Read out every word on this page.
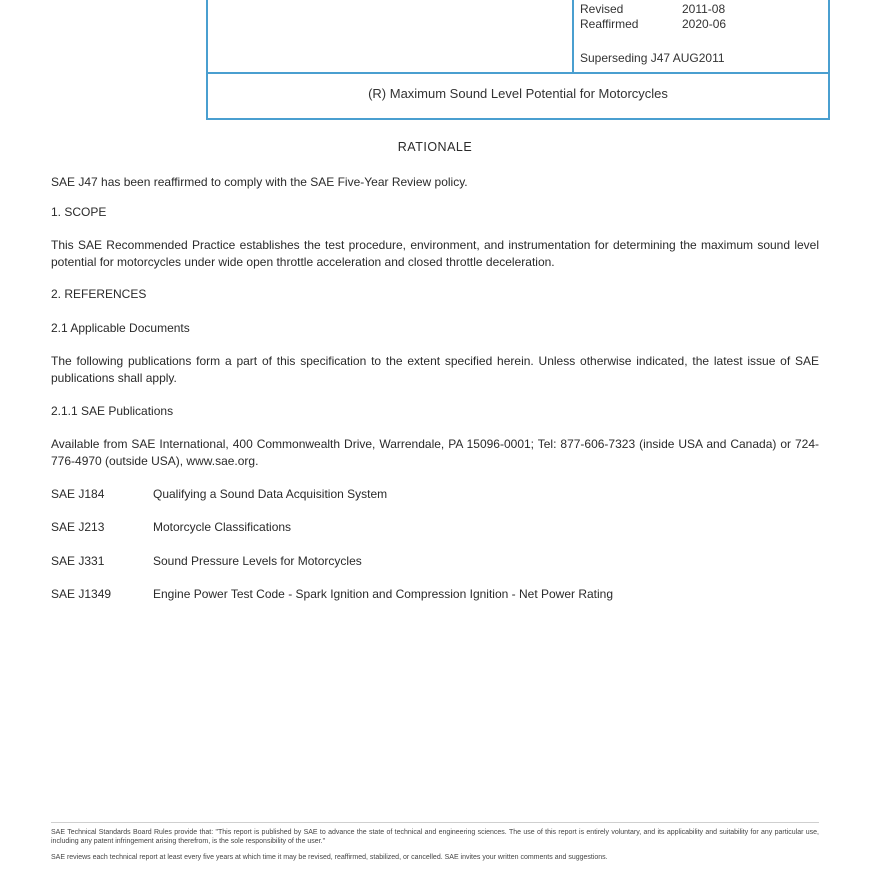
Revised	2011-08
Reaffirmed	2020-06
Superseding J47 AUG2011
(R) Maximum Sound Level Potential for Motorcycles
RATIONALE
SAE J47 has been reaffirmed to comply with the SAE Five-Year Review policy.
1. SCOPE
This SAE Recommended Practice establishes the test procedure, environment, and instrumentation for determining the maximum sound level potential for motorcycles under wide open throttle acceleration and closed throttle deceleration.
2. REFERENCES
2.1 Applicable Documents
The following publications form a part of this specification to the extent specified herein. Unless otherwise indicated, the latest issue of SAE publications shall apply.
2.1.1 SAE Publications
Available from SAE International, 400 Commonwealth Drive, Warrendale, PA 15096-0001; Tel: 877-606-7323 (inside USA and Canada) or 724-776-4970 (outside USA), www.sae.org.
SAE J184	Qualifying a Sound Data Acquisition System
SAE J213	Motorcycle Classifications
SAE J331	Sound Pressure Levels for Motorcycles
SAE J1349	Engine Power Test Code - Spark Ignition and Compression Ignition - Net Power Rating
SAE Technical Standards Board Rules provide that: "This report is published by SAE to advance the state of technical and engineering sciences. The use of this report is entirely voluntary, and its applicability and suitability for any particular use, including any patent infringement arising therefrom, is the sole responsibility of the user."
SAE reviews each technical report at least every five years at which time it may be revised, reaffirmed, stabilized, or cancelled. SAE invites your written comments and suggestions.
